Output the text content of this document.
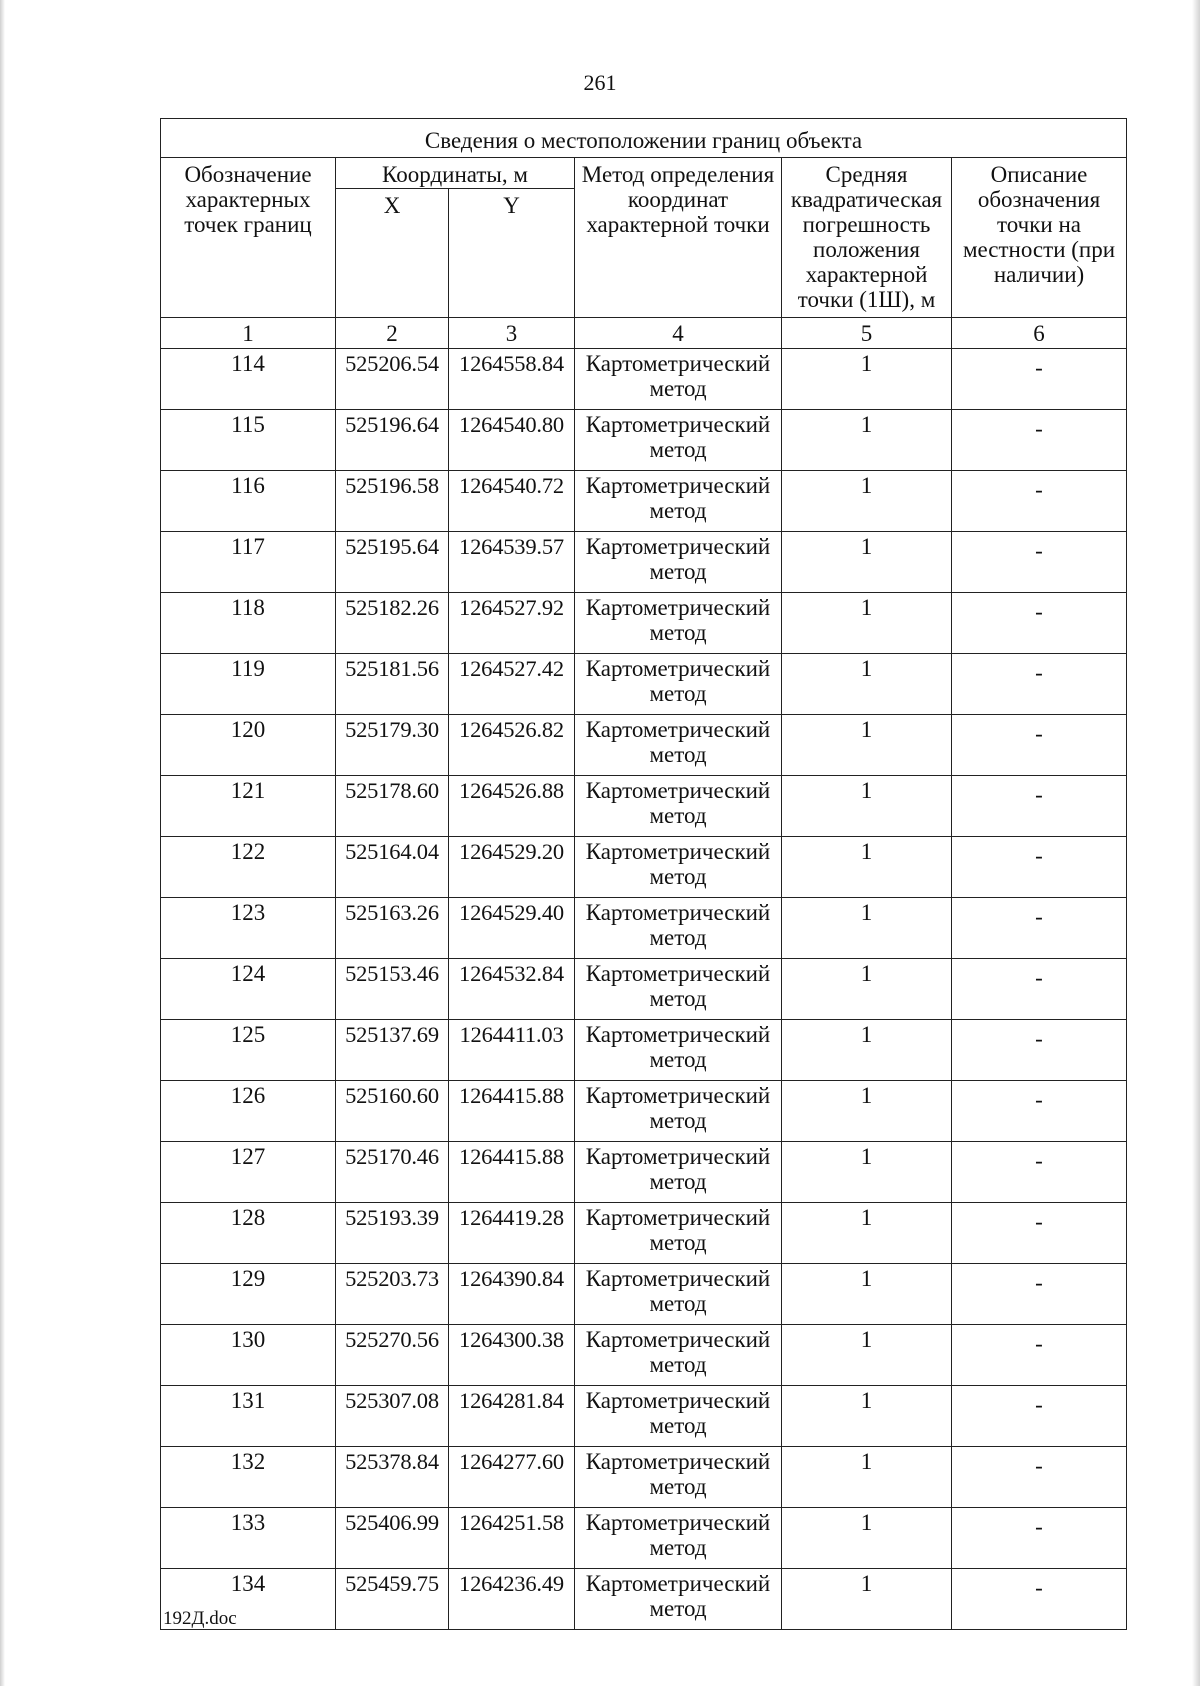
261
Сведения о местоположении границ объекта					
Обозначение характерных точек границ	Координаты, м		Метод определения координат характерной точки	Средняя квадратическая погрешность положения характерной точки (1Ш), м	Описание обозначения точки на местности (при наличии)
	X	Y			
1	2	3	4	5	6
114	525206.54	1264558.84	Картометрический метод	1	-
115	525196.64	1264540.80	Картометрический метод	1	-
116	525196.58	1264540.72	Картометрический метод	1	-
117	525195.64	1264539.57	Картометрический метод	1	-
118	525182.26	1264527.92	Картометрический метод	1	-
119	525181.56	1264527.42	Картометрический метод	1	-
120	525179.30	1264526.82	Картометрический метод	1	-
121	525178.60	1264526.88	Картометрический метод	1	-
122	525164.04	1264529.20	Картометрический метод	1	-
123	525163.26	1264529.40	Картометрический метод	1	-
124	525153.46	1264532.84	Картометрический метод	1	-
125	525137.69	1264411.03	Картометрический метод	1	-
126	525160.60	1264415.88	Картометрический метод	1	-
127	525170.46	1264415.88	Картометрический метод	1	-
128	525193.39	1264419.28	Картометрический метод	1	-
129	525203.73	1264390.84	Картометрический метод	1	-
130	525270.56	1264300.38	Картометрический метод	1	-
131	525307.08	1264281.84	Картометрический метод	1	-
132	525378.84	1264277.60	Картометрический метод	1	-
133	525406.99	1264251.58	Картометрический метод	1	-
134	525459.75	1264236.49	Картометрический метод	1	-
192Д.doc
